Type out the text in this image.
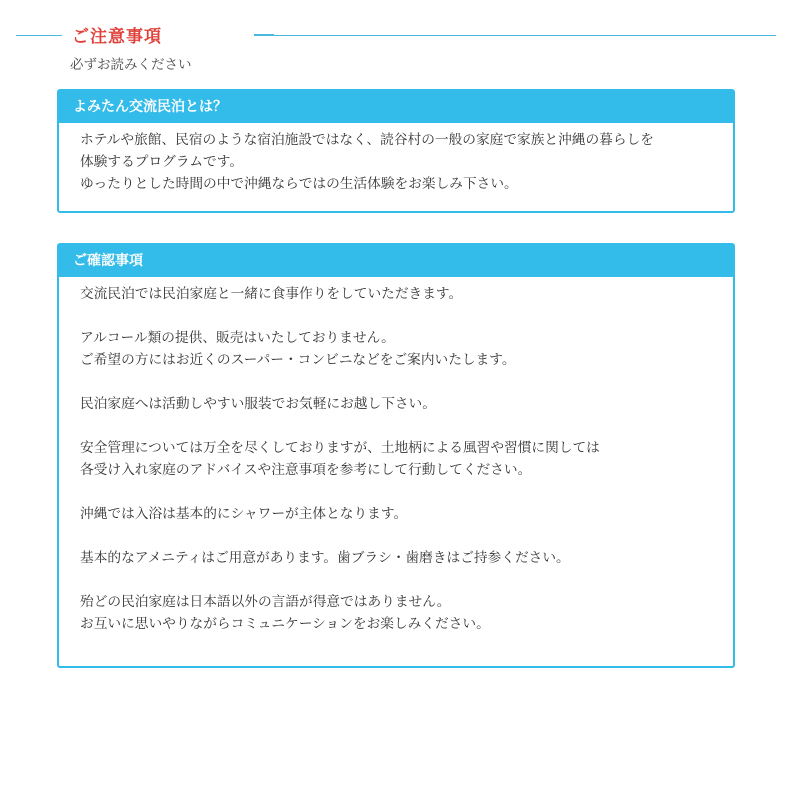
ご注意事項
必ずお読みください
よみたん交流民泊とは？
ホテルや旅館、民宿のような宿泊施設ではなく、読谷村の一般の家庭で家族と沖縄の暮らしを
体験するプログラムです。
ゆったりとした時間の中で沖縄ならではの生活体験をお楽しみ下さい。
ご確認事項
交流民泊では民泊家庭と一緒に食事作りをしていただきます。
アルコール類の提供、販売はいたしておりません。
ご希望の方にはお近くのスーパー・コンビニなどをご案内いたします。
民泊家庭へは活動しやすい服装でお気軽にお越し下さい。
安全管理については万全を尽くしておりますが、土地柄による風習や習慣に関しては
各受け入れ家庭のアドバイスや注意事項を参考にして行動してください。
沖縄では入浴は基本的にシャワーが主体となります。
基本的なアメニティはご用意があります。歯ブラシ・歯磨きはご持参ください。
殆どの民泊家庭は日本語以外の言語が得意ではありません。
お互いに思いやりながらコミュニケーションをお楽しみください。
